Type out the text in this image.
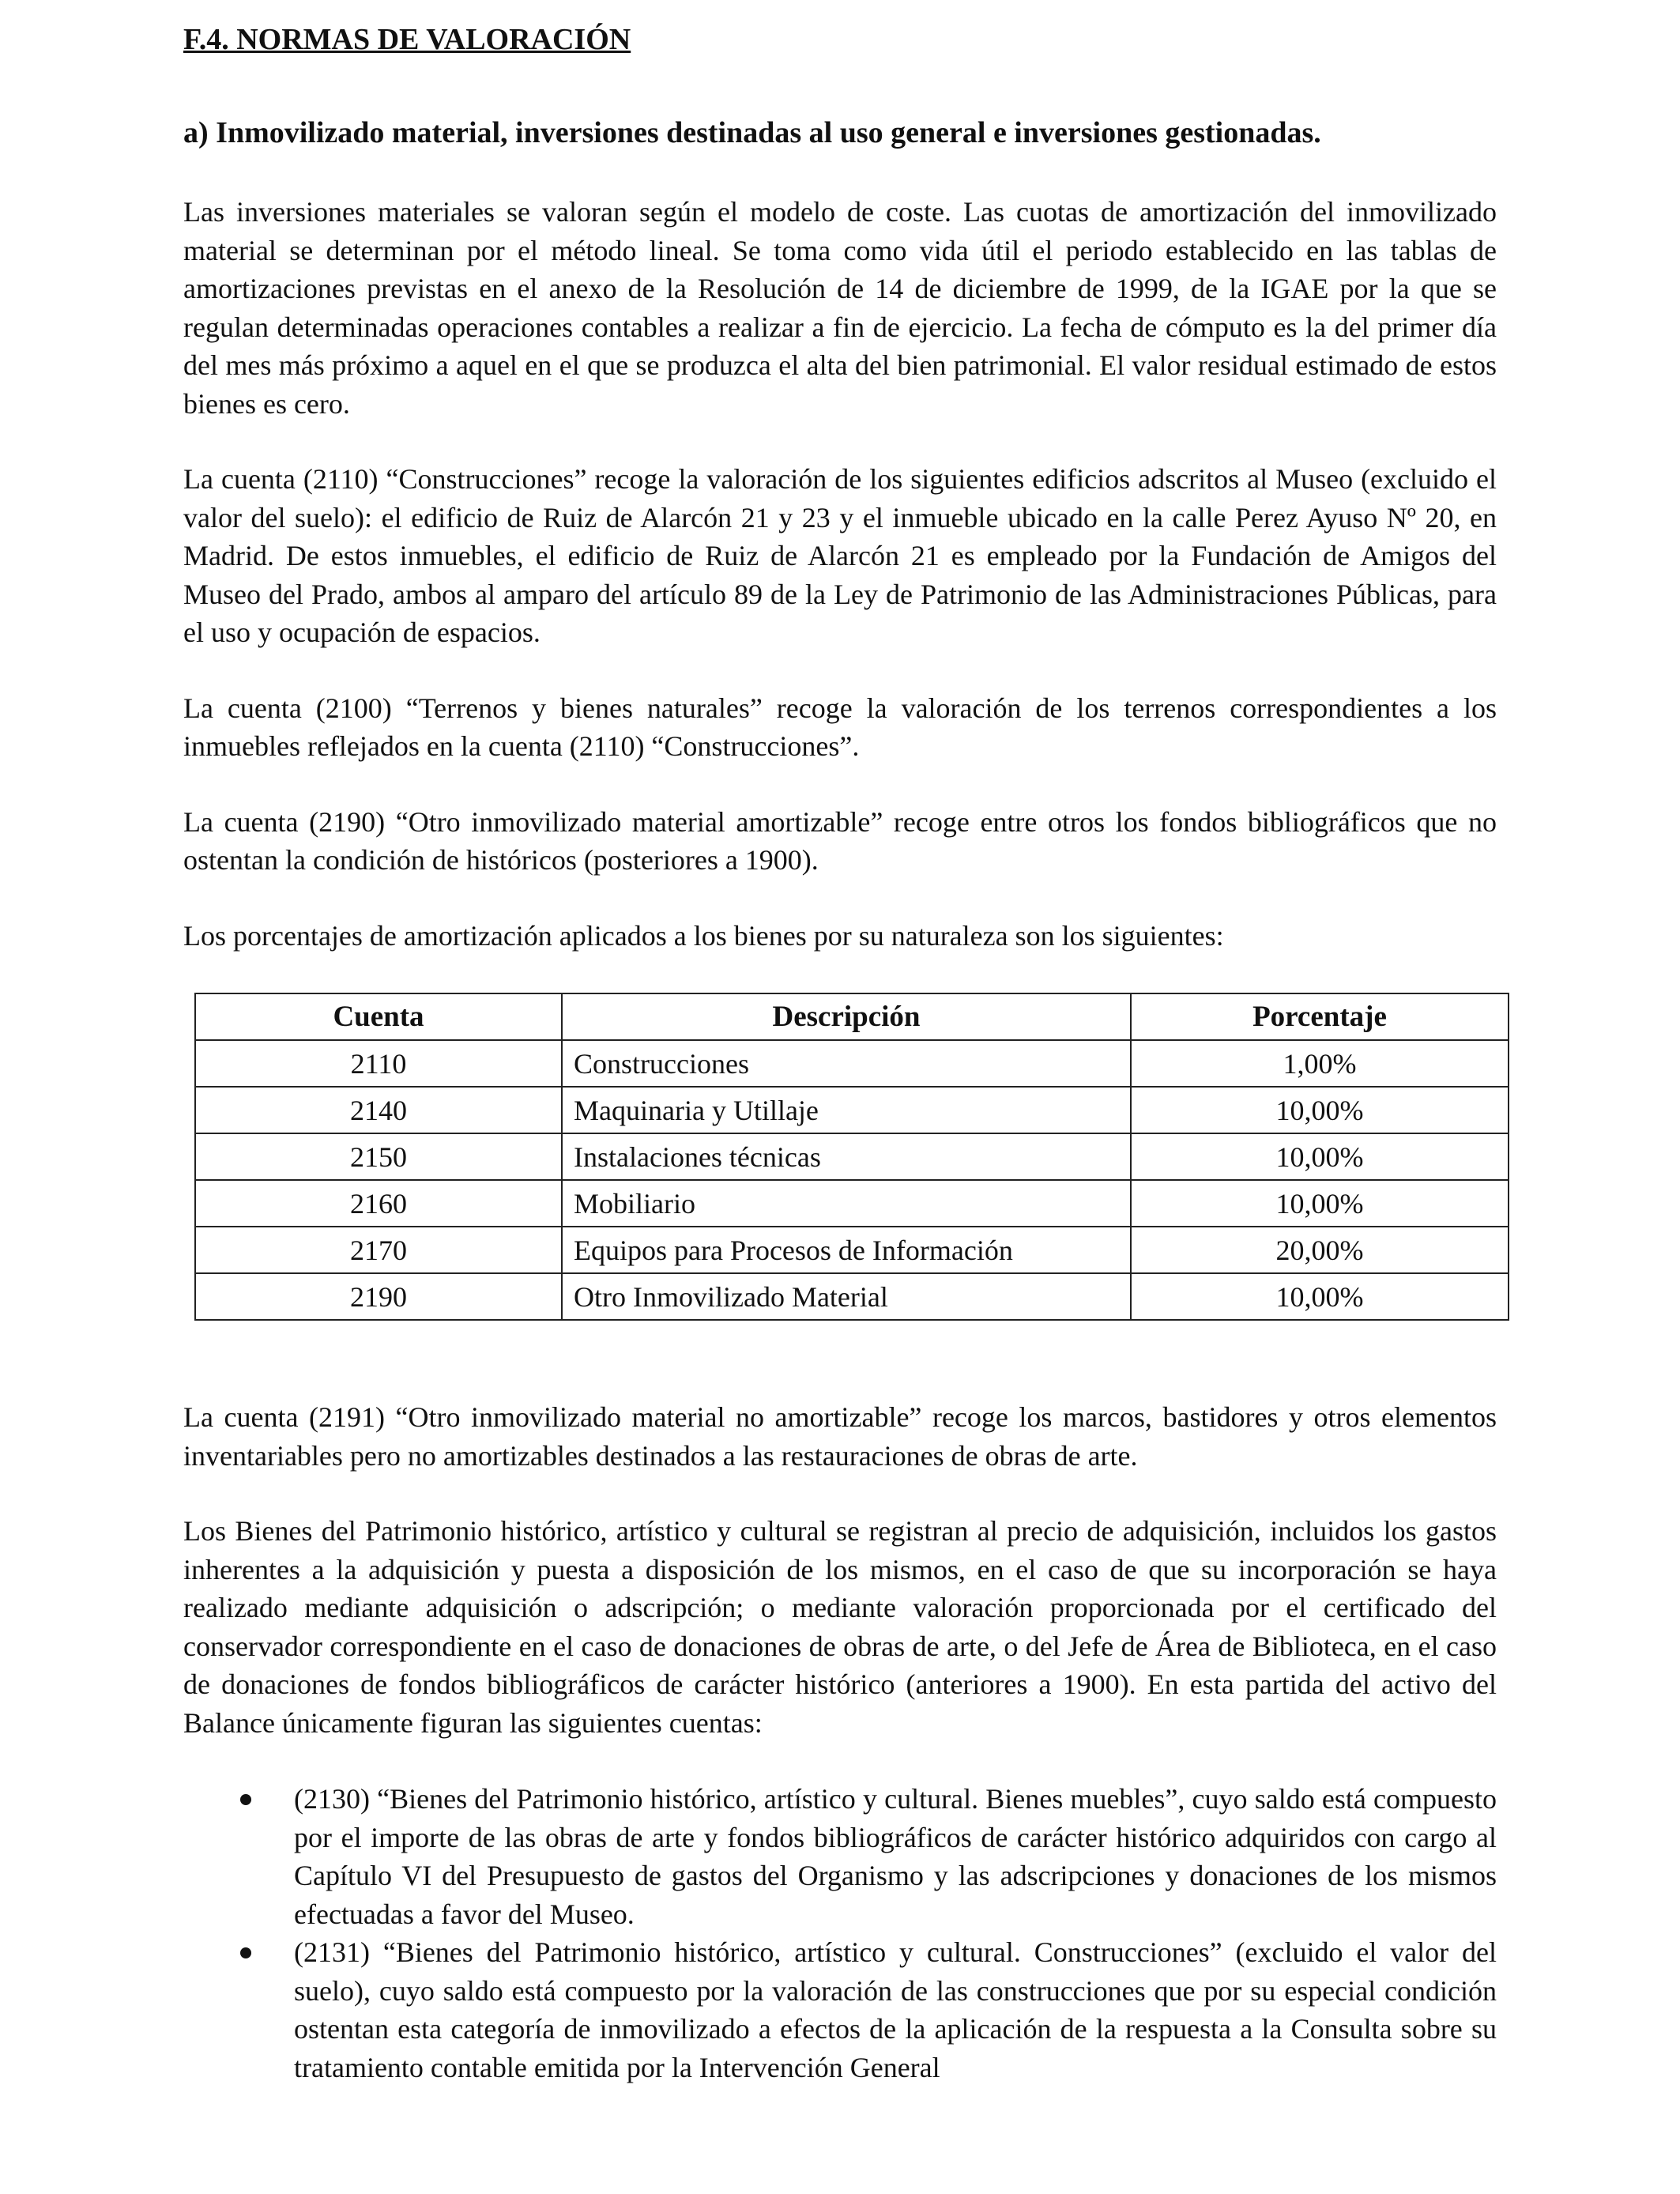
F.4. NORMAS DE VALORACIÓN
a) Inmovilizado material, inversiones destinadas al uso general e inversiones gestionadas.

Las inversiones materiales se valoran según el modelo de coste. Las cuotas de amortización del inmovilizado material se determinan por el método lineal. Se toma como vida útil el periodo establecido en las tablas de amortizaciones previstas en el anexo de la Resolución de 14 de diciembre de 1999, de la IGAE por la que se regulan determinadas operaciones contables a realizar a fin de ejercicio. La fecha de cómputo es la del primer día del mes más próximo a aquel en el que se produzca el alta del bien patrimonial. El valor residual estimado de estos bienes es cero.

La cuenta (2110) “Construcciones” recoge la valoración de los siguientes edificios adscritos al Museo (excluido el valor del suelo): el edificio de Ruiz de Alarcón 21 y 23 y el inmueble ubicado en la calle Perez Ayuso Nº 20, en Madrid. De estos inmuebles, el edificio de Ruiz de Alarcón 21 es empleado por la Fundación de Amigos del Museo del Prado, ambos al amparo del artículo 89 de la Ley de Patrimonio de las Administraciones Públicas, para el uso y ocupación de espacios.

La cuenta (2100) “Terrenos y bienes naturales” recoge la valoración de los terrenos correspondientes a los inmuebles reflejados en la cuenta (2110) “Construcciones”.

La cuenta (2190) “Otro inmovilizado material amortizable” recoge entre otros los fondos bibliográficos que no ostentan la condición de históricos (posteriores a 1900).

Los porcentajes de amortización aplicados a los bienes por su naturaleza son los siguientes:

Cuenta	Descripción	Porcentaje
2110	Construcciones	1,00%
2140	Maquinaria y Utillaje	10,00%
2150	Instalaciones técnicas	10,00%
2160	Mobiliario	10,00%
2170	Equipos para Procesos de Información	20,00%
2190	Otro Inmovilizado Material	10,00%

La cuenta (2191) “Otro inmovilizado material no amortizable” recoge los marcos, bastidores y otros elementos inventariables pero no amortizables destinados a las restauraciones de obras de arte.

Los Bienes del Patrimonio histórico, artístico y cultural se registran al precio de adquisición, incluidos los gastos inherentes a la adquisición y puesta a disposición de los mismos, en el caso de que su incorporación se haya realizado mediante adquisición o adscripción; o mediante valoración proporcionada por el certificado del conservador correspondiente en el caso de donaciones de obras de arte, o del Jefe de Área de Biblioteca, en el caso de donaciones de fondos bibliográficos de carácter histórico (anteriores a 1900). En esta partida del activo del Balance únicamente figuran las siguientes cuentas:

(2130) “Bienes del Patrimonio histórico, artístico y cultural. Bienes muebles”, cuyo saldo está compuesto por el importe de las obras de arte y fondos bibliográficos de carácter histórico adquiridos con cargo al Capítulo VI del Presupuesto de gastos del Organismo y las adscripciones y donaciones de los mismos efectuadas a favor del Museo.
(2131) “Bienes del Patrimonio histórico, artístico y cultural. Construcciones” (excluido el valor del suelo), cuyo saldo está compuesto por la valoración de las construcciones que por su especial condición ostentan esta categoría de inmovilizado a efectos de la aplicación de la respuesta a la Consulta sobre su tratamiento contable emitida por la Intervención General
